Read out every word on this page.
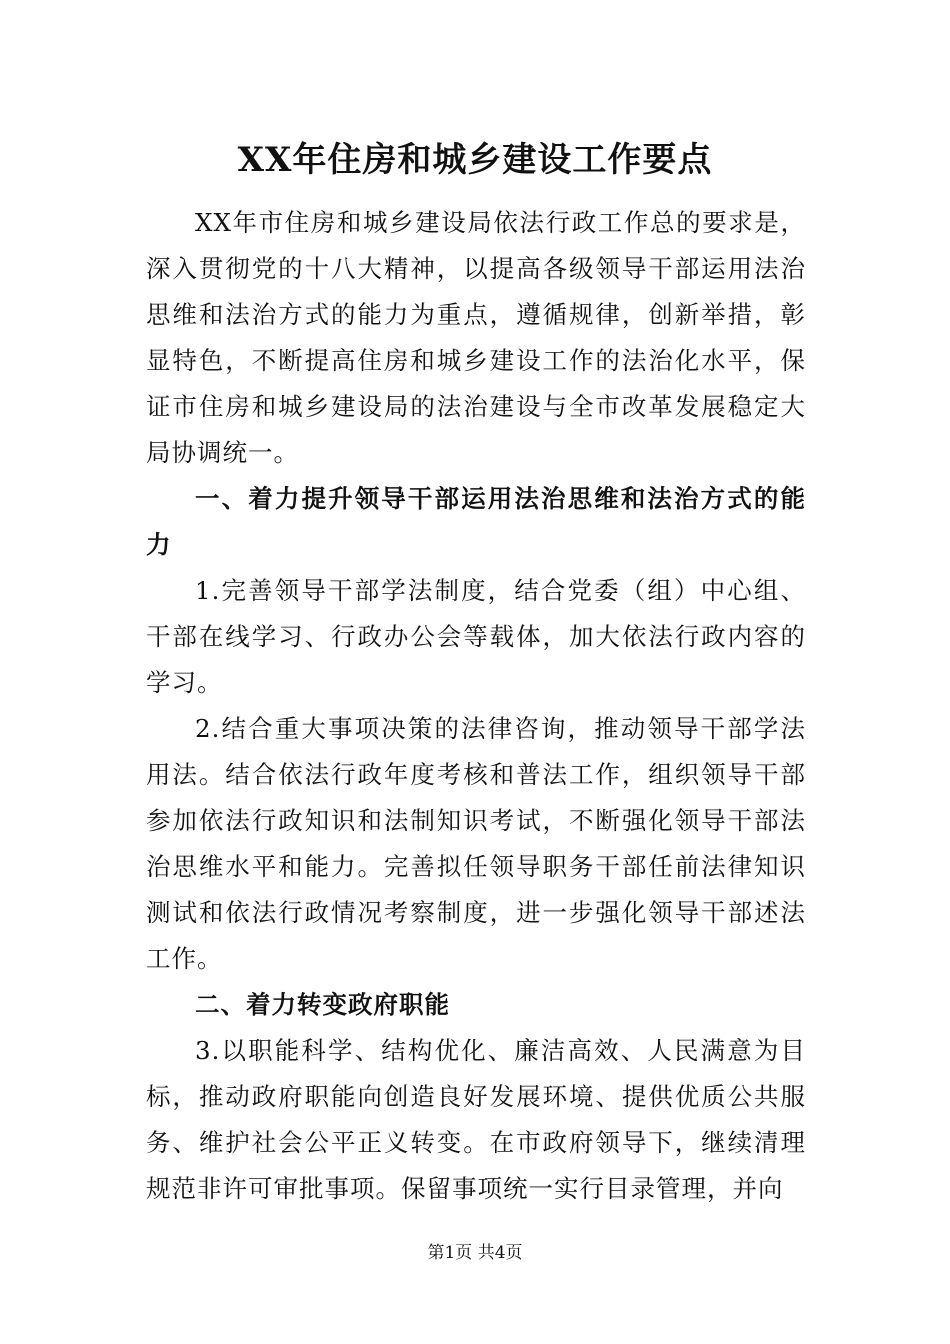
XX年住房和城乡建设工作要点

XX年市住房和城乡建设局依法行政工作总的要求是，深入贯彻党的十八大精神，以提高各级领导干部运用法治思维和法治方式的能力为重点，遵循规律，创新举措，彰显特色，不断提高住房和城乡建设工作的法治化水平，保证市住房和城乡建设局的法治建设与全市改革发展稳定大局协调统一。

一、着力提升领导干部运用法治思维和法治方式的能力

1.完善领导干部学法制度，结合党委（组）中心组、干部在线学习、行政办公会等载体，加大依法行政内容的学习。

2.结合重大事项决策的法律咨询，推动领导干部学法用法。结合依法行政年度考核和普法工作，组织领导干部参加依法行政知识和法制知识考试，不断强化领导干部法治思维水平和能力。完善拟任领导职务干部任前法律知识测试和依法行政情况考察制度，进一步强化领导干部述法工作。

二、着力转变政府职能

3.以职能科学、结构优化、廉洁高效、人民满意为目标，推动政府职能向创造良好发展环境、提供优质公共服务、维护社会公平正义转变。在市政府领导下，继续清理规范非许可审批事项。保留事项统一实行目录管理，并向

第1页 共4页
